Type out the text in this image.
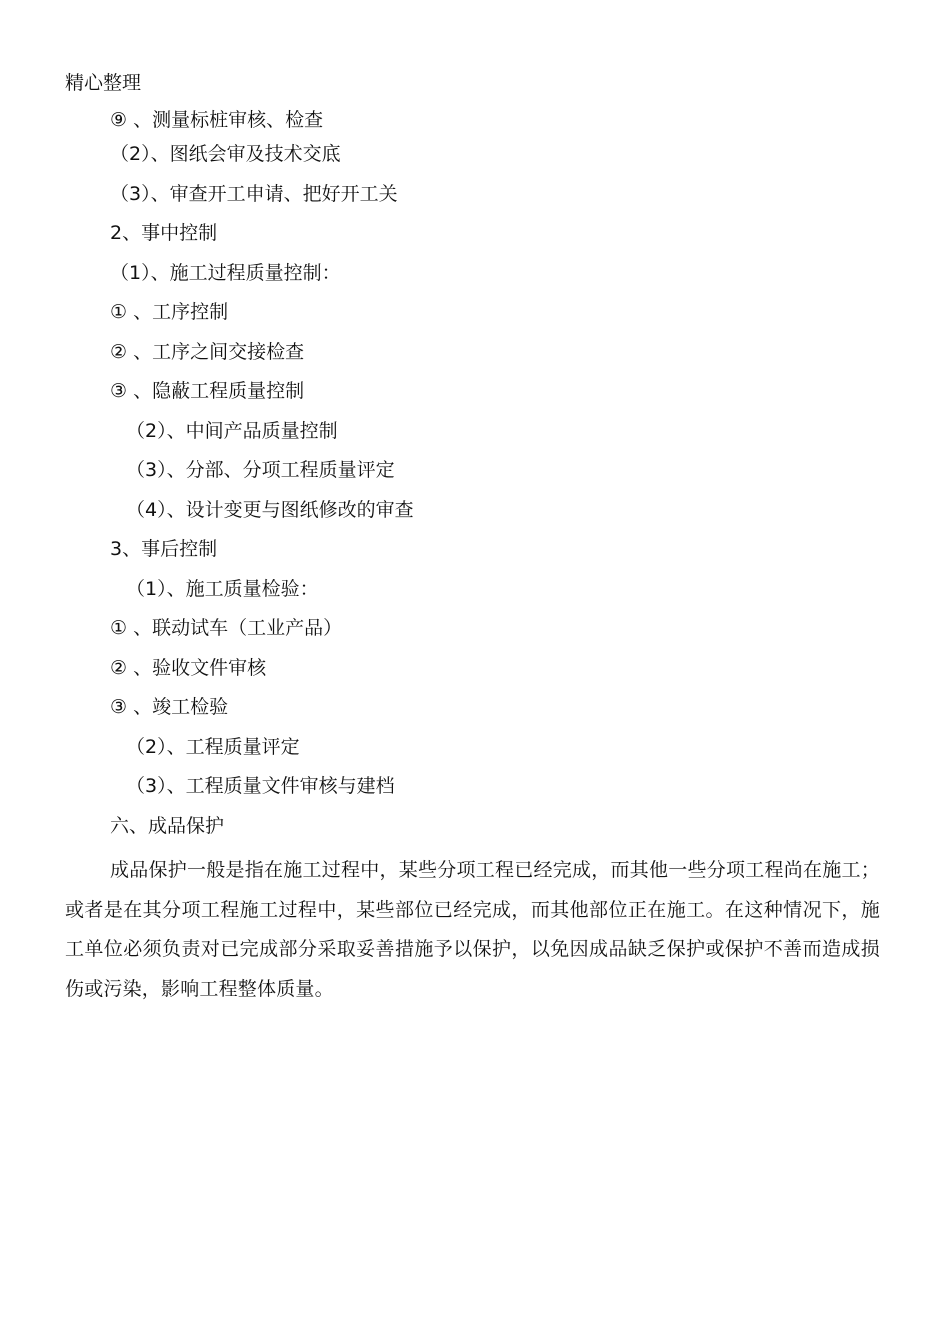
精心整理
⑨ 、测量标桩审核、检查
（2）、图纸会审及技术交底
（3）、审查开工申请、把好开工关
2、事中控制
（1）、施工过程质量控制：
① 、工序控制
② 、工序之间交接检查
③ 、隐蔽工程质量控制
（2）、中间产品质量控制
（3）、分部、分项工程质量评定
（4）、设计变更与图纸修改的审查
3、事后控制
（1）、施工质量检验：
① 、联动试车（工业产品）
② 、验收文件审核
③ 、竣工检验
（2）、工程质量评定
（3）、工程质量文件审核与建档
六、成品保护
成品保护一般是指在施工过程中，某些分项工程已经完成，而其他一些分项工程尚在施工；或者是在其分项工程施工过程中，某些部位已经完成，而其他部位正在施工。在这种情况下，施工单位必须负责对已完成部分采取妥善措施予以保护，以免因成品缺乏保护或保护不善而造成损伤或污染，影响工程整体质量。
